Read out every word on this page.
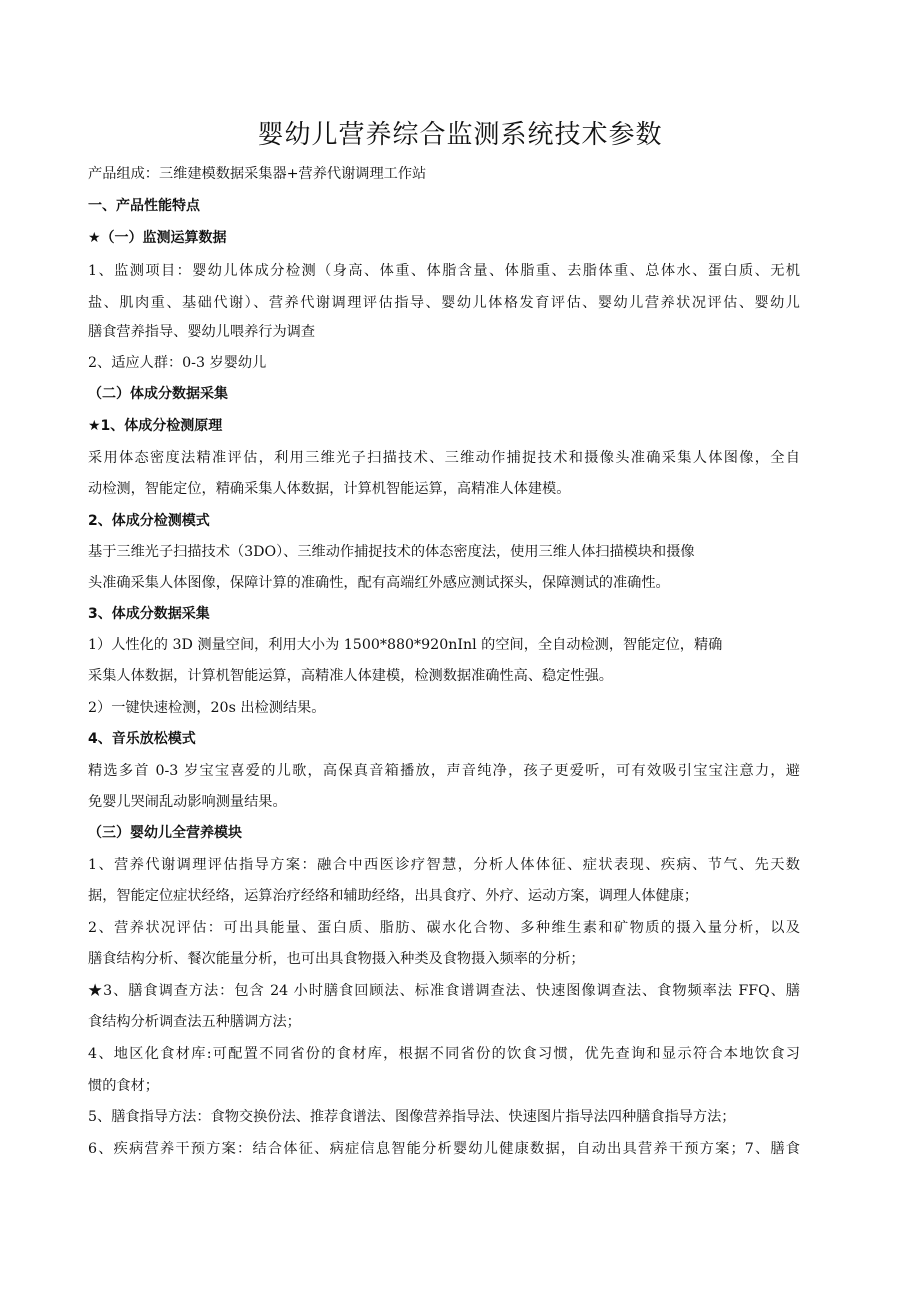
婴幼儿营养综合监测系统技术参数
产品组成：三维建模数据采集器+营养代谢调理工作站
一、产品性能特点
★（一）监测运算数据
1、监测项目：婴幼儿体成分检测（身高、体重、体脂含量、体脂重、去脂体重、总体水、蛋白质、无机
盐、肌肉重、基础代谢）、营养代谢调理评估指导、婴幼儿体格发育评估、婴幼儿营养状况评估、婴幼儿
膳食营养指导、婴幼儿喂养行为调查
2、适应人群：0-3 岁婴幼儿
（二）体成分数据采集
★1、体成分检测原理
采用体态密度法精准评估，利用三维光子扫描技术、三维动作捕捉技术和摄像头准确采集人体图像，全自
动检测，智能定位，精确采集人体数据，计算机智能运算，高精准人体建模。
2、体成分检测模式
基于三维光子扫描技术（3DO）、三维动作捕捉技术的体态密度法，使用三维人体扫描模块和摄像
头准确采集人体图像，保障计算的准确性，配有高端红外感应测试探头，保障测试的准确性。
3、体成分数据采集
1）人性化的 3D 测量空间，利用大小为 1500*880*920nInl 的空间，全自动检测，智能定位，精确
采集人体数据，计算机智能运算，高精准人体建模，检测数据准确性高、稳定性强。
2）一键快速检测，20s 出检测结果。
4、音乐放松模式
精选多首 0-3 岁宝宝喜爱的儿歌，高保真音箱播放，声音纯净，孩子更爱听，可有效吸引宝宝注意力，避
免婴儿哭闹乱动影响测量结果。
（三）婴幼儿全营养模块
1、营养代谢调理评估指导方案：融合中西医诊疗智慧，分析人体体征、症状表现、疾病、节气、先天数
据，智能定位症状经络，运算治疗经络和辅助经络，出具食疗、外疗、运动方案，调理人体健康；
2、营养状况评估：可出具能量、蛋白质、脂肪、碳水化合物、多种维生素和矿物质的摄入量分析，以及
膳食结构分析、餐次能量分析，也可出具食物摄入种类及食物摄入频率的分析；
★3、膳食调查方法：包含 24 小时膳食回顾法、标准食谱调查法、快速图像调查法、食物频率法 FFQ、膳
食结构分析调查法五种膳调方法；
4、地区化食材库:可配置不同省份的食材库，根据不同省份的饮食习惯，优先查询和显示符合本地饮食习
惯的食材；
5、膳食指导方法：食物交换份法、推荐食谱法、图像营养指导法、快速图片指导法四种膳食指导方法；
6、疾病营养干预方案：结合体征、病症信息智能分析婴幼儿健康数据，自动出具营养干预方案；7、膳食
